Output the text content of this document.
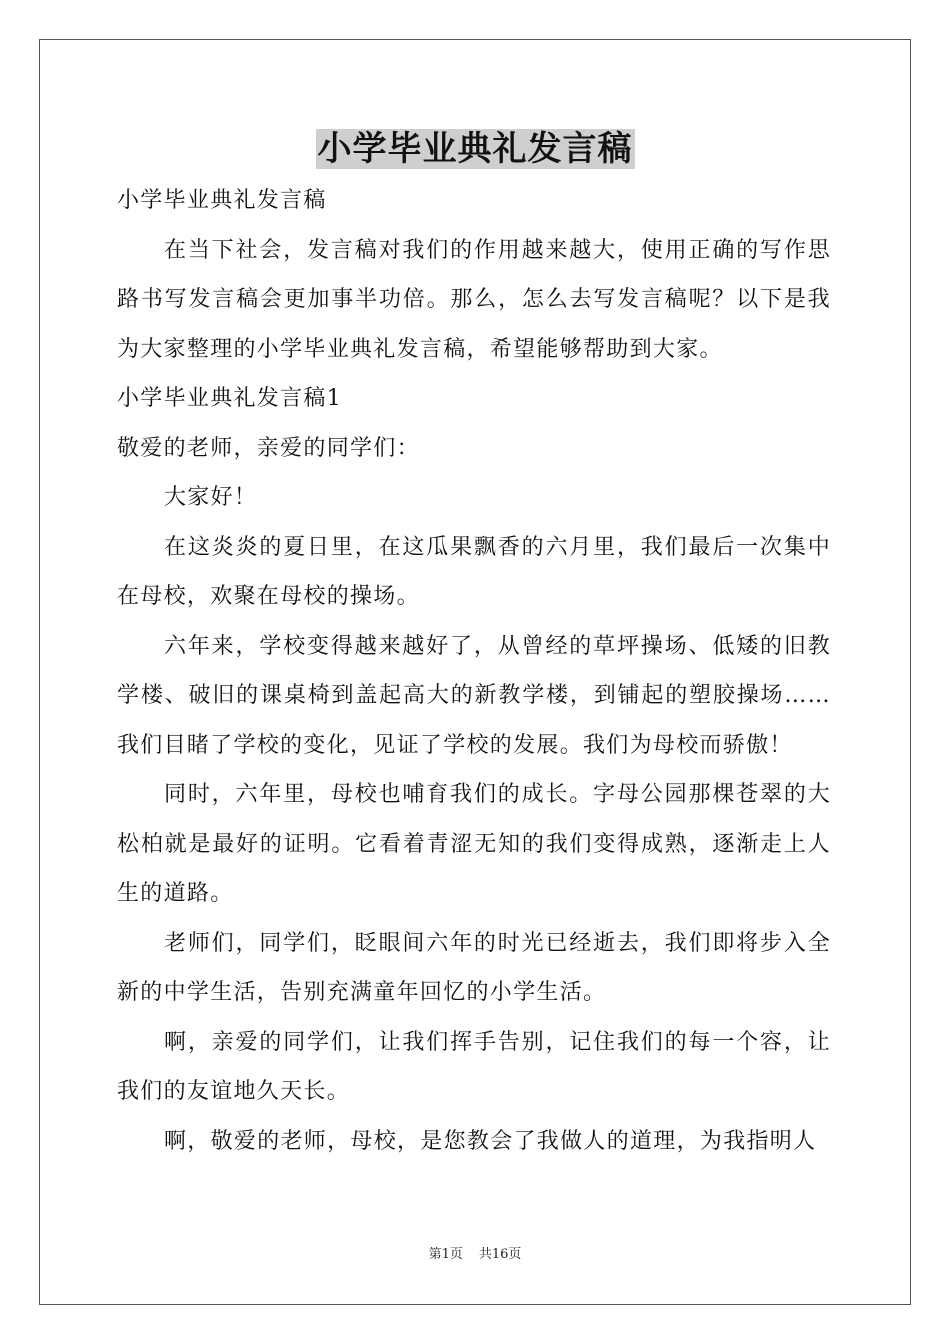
小学毕业典礼发言稿

小学毕业典礼发言稿

在当下社会，发言稿对我们的作用越来越大，使用正确的写作思路书写发言稿会更加事半功倍。那么，怎么去写发言稿呢？以下是我为大家整理的小学毕业典礼发言稿，希望能够帮助到大家。

小学毕业典礼发言稿1

敬爱的老师，亲爱的同学们：

大家好！

在这炎炎的夏日里，在这瓜果飘香的六月里，我们最后一次集中在母校，欢聚在母校的操场。

六年来，学校变得越来越好了，从曾经的草坪操场、低矮的旧教学楼、破旧的课桌椅到盖起高大的新教学楼，到铺起的塑胶操场……我们目睹了学校的变化，见证了学校的发展。我们为母校而骄傲！

同时，六年里，母校也哺育我们的成长。字母公园那棵苍翠的大松柏就是最好的证明。它看着青涩无知的我们变得成熟，逐渐走上人生的道路。

老师们，同学们，眨眼间六年的时光已经逝去，我们即将步入全新的中学生活，告别充满童年回忆的小学生活。

啊，亲爱的同学们，让我们挥手告别，记住我们的每一个容，让我们的友谊地久天长。

啊，敬爱的老师，母校，是您教会了我做人的道理，为我指明人

第1页 共16页
